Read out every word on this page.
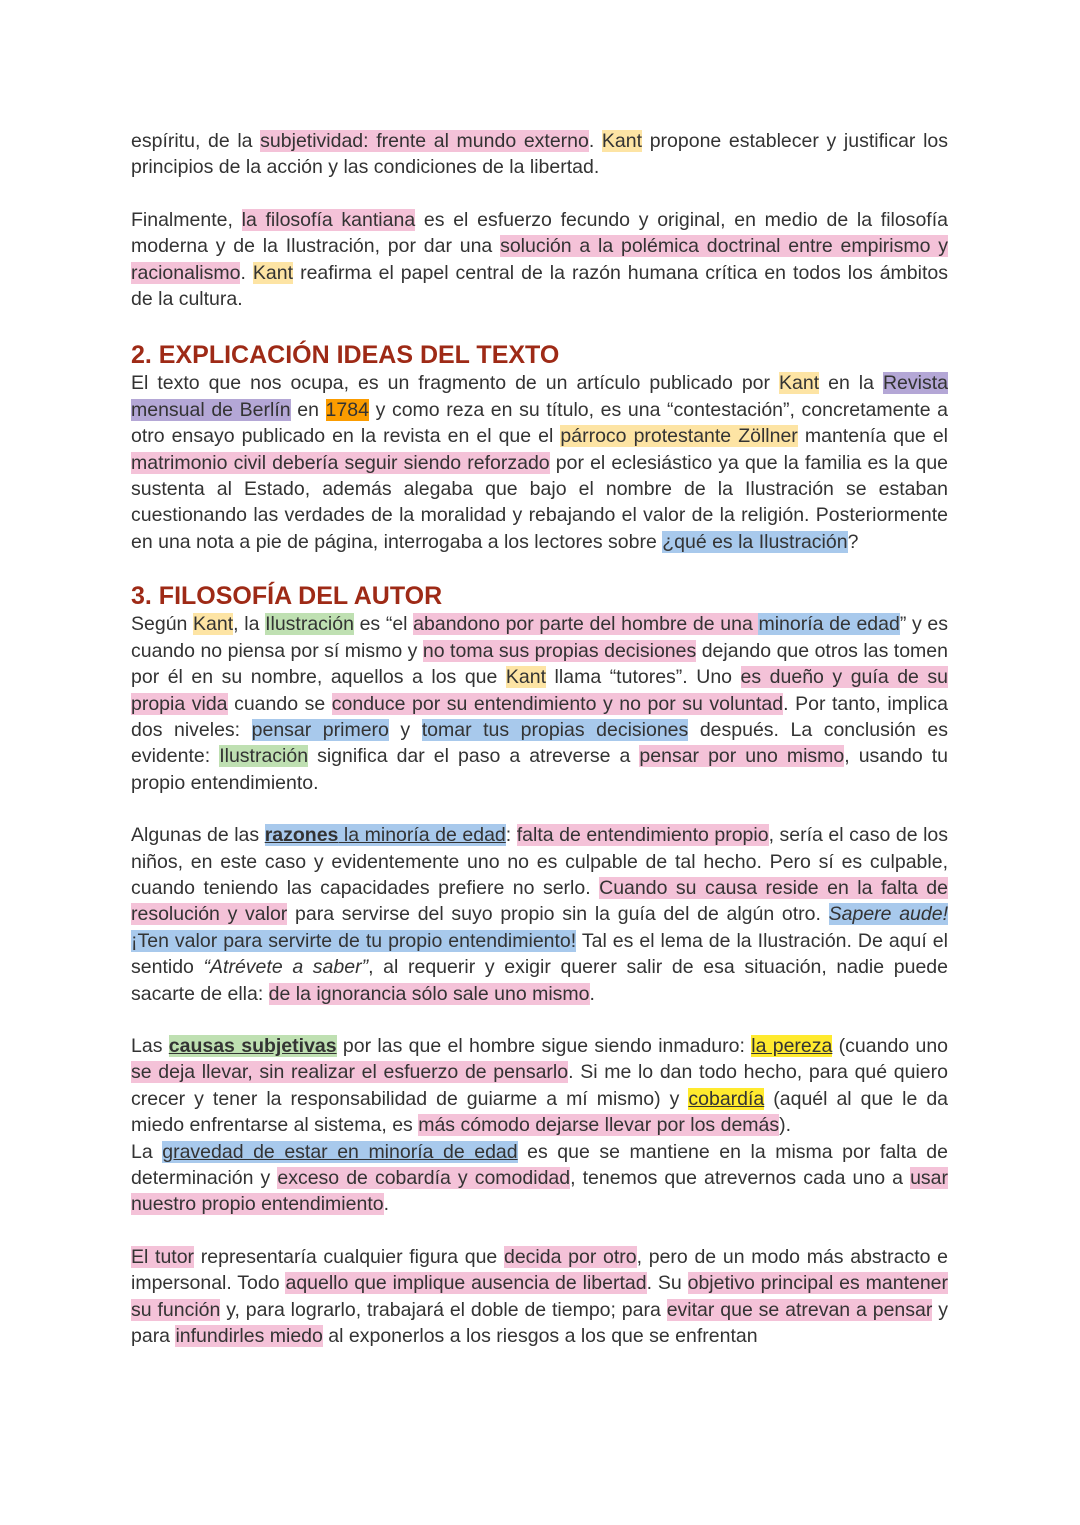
espíritu, de la subjetividad: frente al mundo externo. Kant propone establecer y justificar los principios de la acción y las condiciones de la libertad.

Finalmente, la filosofía kantiana es el esfuerzo fecundo y original, en medio de la filosofía moderna y de la Ilustración, por dar una solución a la polémica doctrinal entre empirismo y racionalismo. Kant reafirma el papel central de la razón humana crítica en todos los ámbitos de la cultura.

2. EXPLICACIÓN IDEAS DEL TEXTO

El texto que nos ocupa, es un fragmento de un artículo publicado por Kant en la Revista mensual de Berlín en 1784 y como reza en su título, es una “contestación”, concretamente a otro ensayo publicado en la revista en el que el párroco protestante Zöllner mantenía que el matrimonio civil debería seguir siendo reforzado por el eclesiástico ya que la familia es la que sustenta al Estado, además alegaba que bajo el nombre de la Ilustración se estaban cuestionando las verdades de la moralidad y rebajando el valor de la religión. Posteriormente en una nota a pie de página, interrogaba a los lectores sobre ¿qué es la Ilustración?

3. FILOSOFÍA DEL AUTOR

Según Kant, la Ilustración es “el abandono por parte del hombre de una minoría de edad” y es cuando no piensa por sí mismo y no toma sus propias decisiones dejando que otros las tomen por él en su nombre, aquellos a los que Kant llama “tutores”. Uno es dueño y guía de su propia vida cuando se conduce por su entendimiento y no por su voluntad. Por tanto, implica dos niveles: pensar primero y tomar tus propias decisiones después. La conclusión es evidente: Ilustración significa dar el paso a atreverse a pensar por uno mismo, usando tu propio entendimiento.

Algunas de las razones la minoría de edad: falta de entendimiento propio, sería el caso de los niños, en este caso y evidentemente uno no es culpable de tal hecho. Pero sí es culpable, cuando teniendo las capacidades prefiere no serlo. Cuando su causa reside en la falta de resolución y valor para servirse del suyo propio sin la guía del de algún otro. Sapere aude! ¡Ten valor para servirte de tu propio entendimiento! Tal es el lema de la Ilustración. De aquí el sentido “Atrévete a saber”, al requerir y exigir querer salir de esa situación, nadie puede sacarte de ella: de la ignorancia sólo sale uno mismo.

Las causas subjetivas por las que el hombre sigue siendo inmaduro: la pereza (cuando uno se deja llevar, sin realizar el esfuerzo de pensarlo. Si me lo dan todo hecho, para qué quiero crecer y tener la responsabilidad de guiarme a mí mismo) y cobardía (aquél al que le da miedo enfrentarse al sistema, es más cómodo dejarse llevar por los demás).

La gravedad de estar en minoría de edad es que se mantiene en la misma por falta de determinación y exceso de cobardía y comodidad, tenemos que atrevernos cada uno a usar nuestro propio entendimiento.

El tutor representaría cualquier figura que decida por otro, pero de un modo más abstracto e impersonal. Todo aquello que implique ausencia de libertad. Su objetivo principal es mantener su función y, para lograrlo, trabajará el doble de tiempo; para evitar que se atrevan a pensar y para infundirles miedo al exponerlos a los riesgos a los que se enfrentan
